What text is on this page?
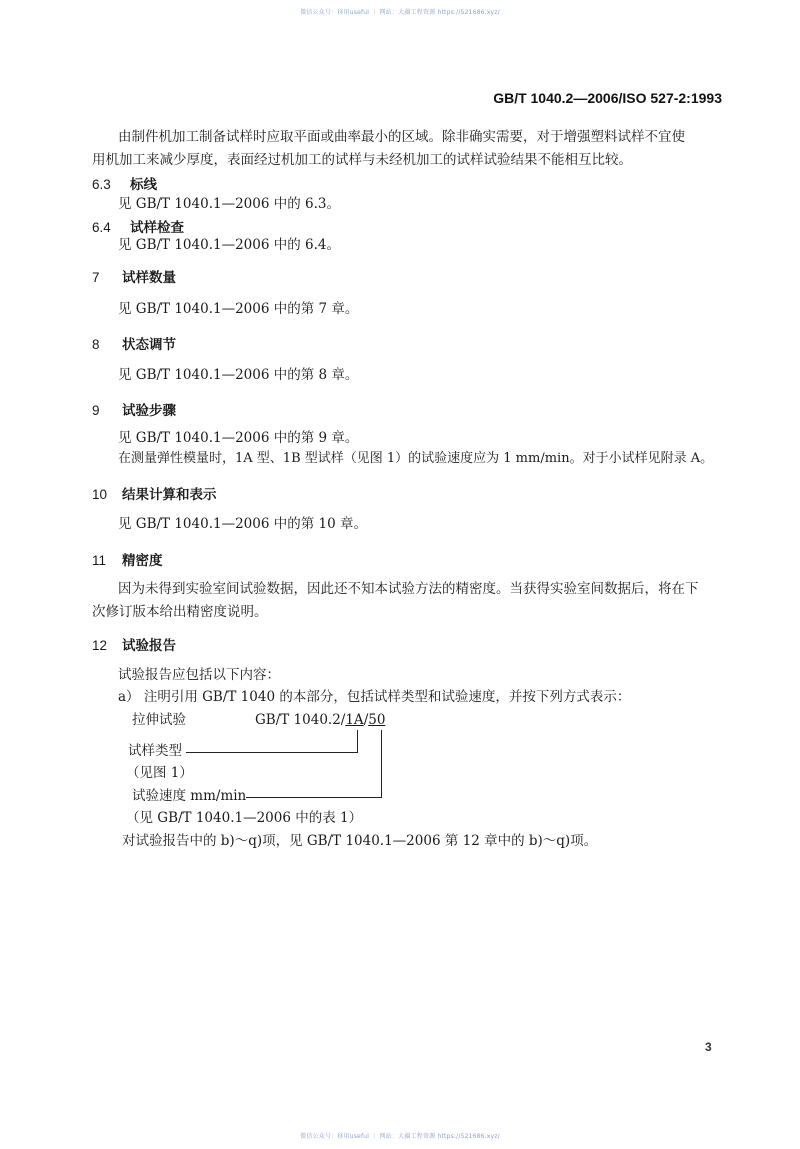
微信公众号：移用useful ｜ 网站：大疆工程资源 https://521686.xyz/
GB/T 1040.2—2006/ISO 527-2:1993
由制件机加工制备试样时应取平面或曲率最小的区域。除非确实需要，对于增强塑料试样不宜使
用机加工来减少厚度，表面经过机加工的试样与未经机加工的试样试验结果不能相互比较。
6.3 标线
见 GB/T 1040.1—2006 中的 6.3。
6.4 试样检查
见 GB/T 1040.1—2006 中的 6.4。
7 试样数量
见 GB/T 1040.1—2006 中的第 7 章。
8 状态调节
见 GB/T 1040.1—2006 中的第 8 章。
9 试验步骤
见 GB/T 1040.1—2006 中的第 9 章。
在测量弹性模量时，1A 型、1B 型试样（见图 1）的试验速度应为 1 mm/min。对于小试样见附录 A。
10 结果计算和表示
见 GB/T 1040.1—2006 中的第 10 章。
11 精密度
因为未得到实验室间试验数据，因此还不知本试验方法的精密度。当获得实验室间数据后，将在下
次修订版本给出精密度说明。
12 试验报告
试验报告应包括以下内容：
a） 注明引用 GB/T 1040 的本部分，包括试样类型和试验速度，并按下列方式表示：
拉伸试验	GB/T 1040.2/1A/50
试样类型
（见图 1）
试验速度 mm/min
（见 GB/T 1040.1—2006 中的表 1）
对试验报告中的 b)～q)项，见 GB/T 1040.1—2006 第 12 章中的 b)～q)项。
3
微信公众号：移用useful ｜ 网站：大疆工程资源 https://521686.xyz/
